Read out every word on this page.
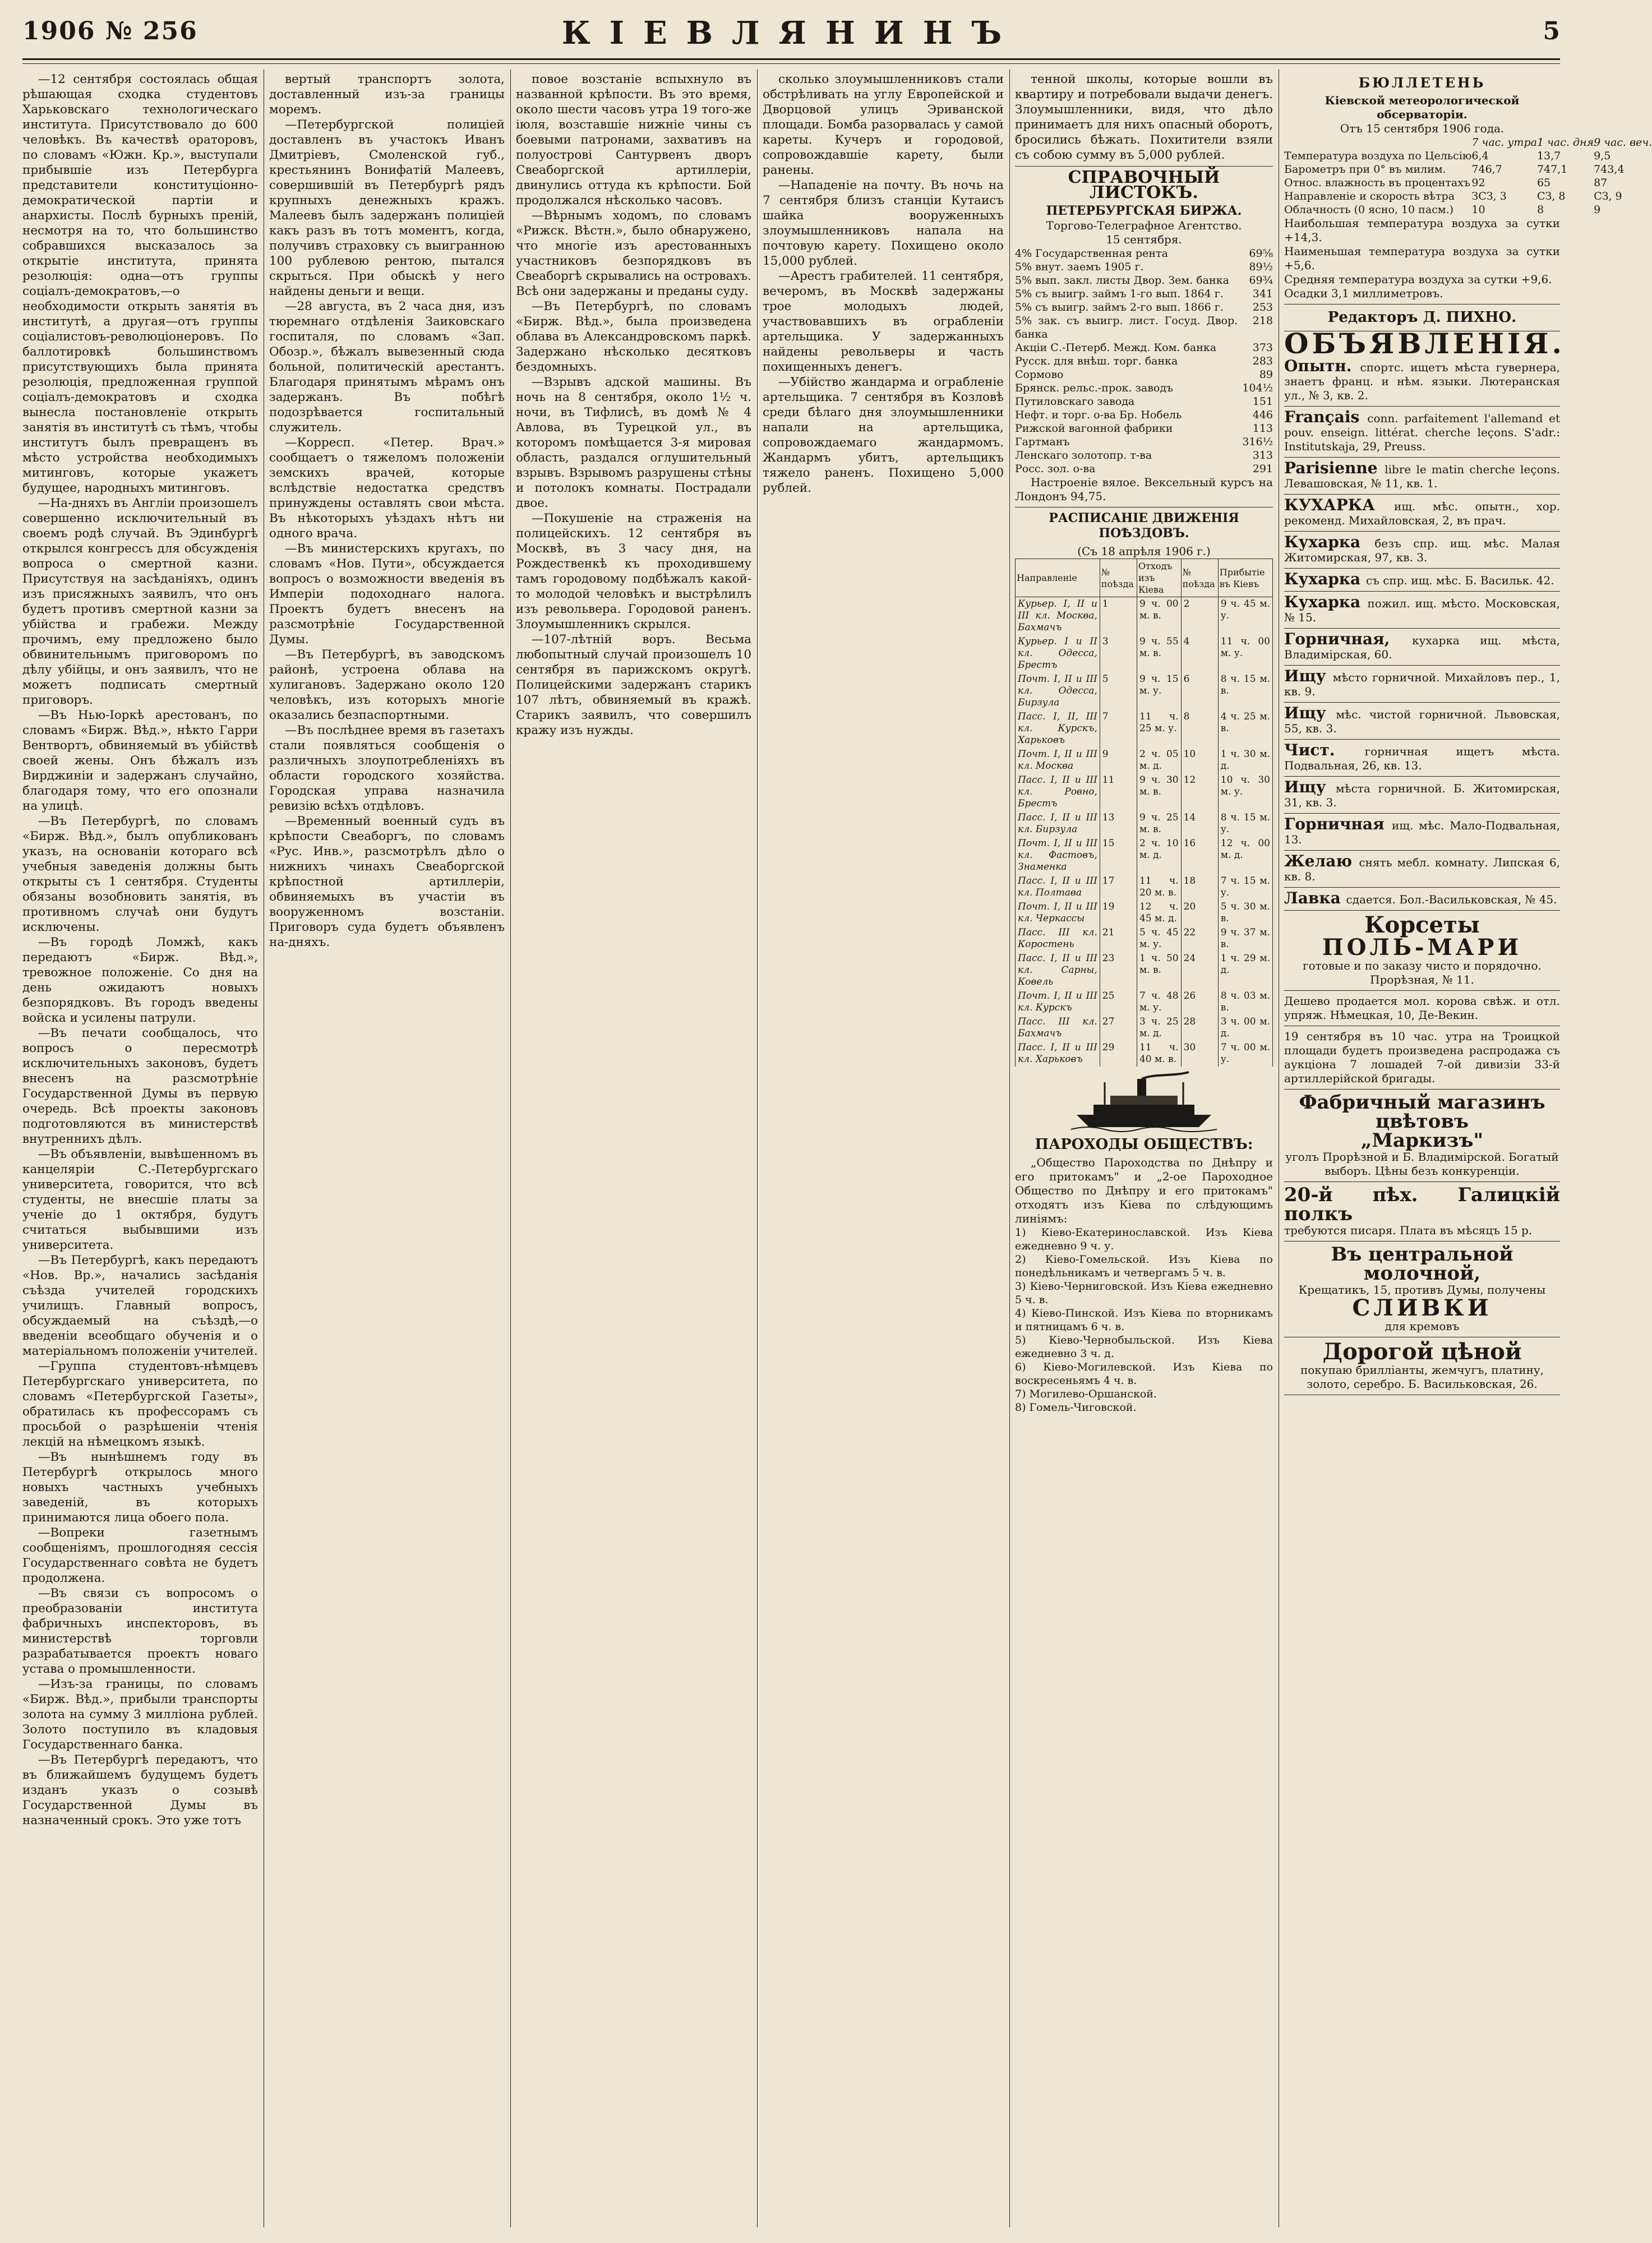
1906 № 256	КІЕВЛЯНИНЪ	5

—12 сентября состоялась общая рѣшающая сходка студентовъ Харьковскаго технологическаго института. Присутствовало до 600 человѣкъ. Въ качествѣ ораторовъ, по словамъ «Южн. Кр.», выступали прибывшіе изъ Петербурга представители конституціонно-демократической партіи и анархисты. Послѣ бурныхъ преній, несмотря на то, что большинство собравшихся высказалось за открытіе института, принята резолюція: одна—отъ группы соціалъ-демократовъ,—о необходимости открыть занятія въ институтѣ, а другая—отъ группы соціалистовъ-революціонеровъ. По баллотировкѣ большинствомъ присутствующихъ была принята резолюція, предложенная группой соціалъ-демократовъ и сходка вынесла постановленіе открыть занятія въ институтѣ съ тѣмъ, чтобы институтъ былъ превращенъ въ мѣсто устройства необходимыхъ митинговъ, которые укажетъ будущее, народныхъ митинговъ.

—На-дняхъ въ Англіи произошелъ совершенно исключительный въ своемъ родѣ случай. Въ Эдинбургѣ открылся конгрессъ для обсужденія вопроса о смертной казни. Присутствуя на засѣданіяхъ, одинъ изъ присяжныхъ заявилъ, что онъ будетъ противъ смертной казни за убійства и грабежи. Между прочимъ, ему предложено было обвинительнымъ приговоромъ по дѣлу убійцы, и онъ заявилъ, что не можетъ подписать смертный приговоръ.

—Въ Нью-Іоркѣ арестованъ, по словамъ «Бирж. Вѣд.», нѣкто Гарри Вентвортъ, обвиняемый въ убійствѣ своей жены. Онъ бѣжалъ изъ Вирджиніи и задержанъ случайно, благодаря тому, что его опознали на улицѣ.

—Въ Петербургѣ, по словамъ «Бирж. Вѣд.», былъ опубликованъ указъ, на основаніи котораго всѣ учебныя заведенія должны быть открыты съ 1 сентября. Студенты обязаны возобновить занятія, въ противномъ случаѣ они будутъ исключены.

—Въ городѣ Ломжѣ, какъ передаютъ «Бирж. Вѣд.», тревожное положеніе. Со дня на день ожидаютъ новыхъ безпорядковъ. Въ городъ введены войска и усилены патрули.

—Въ печати сообщалось, что вопросъ о пересмотрѣ исключительныхъ законовъ, будетъ внесенъ на разсмотрѣніе Государственной Думы въ первую очередь. Всѣ проекты законовъ подготовляются въ министерствѣ внутреннихъ дѣлъ.

—Въ объявленіи, вывѣшенномъ въ канцеляріи С.-Петербургскаго университета, говорится, что всѣ студенты, не внесшіе платы за ученіе до 1 октября, будутъ считаться выбывшими изъ университета.

—Въ Петербургѣ, какъ передаютъ «Нов. Вр.», начались засѣданія съѣзда учителей городскихъ училищъ. Главный вопросъ, обсуждаемый на съѣздѣ,—о введеніи всеобщаго обученія и о матеріальномъ положеніи учителей.

—Группа студентовъ-нѣмцевъ Петербургскаго университета, по словамъ «Петербургской Газеты», обратилась къ профессорамъ съ просьбой о разрѣшеніи чтенія лекцій на нѣмецкомъ языкѣ.

—Въ нынѣшнемъ году въ Петербургѣ открылось много новыхъ частныхъ учебныхъ заведеній, въ которыхъ принимаются лица обоего пола.

—Вопреки газетнымъ сообщеніямъ, прошлогодняя сессія Государственнаго совѣта не будетъ продолжена.

—Въ связи съ вопросомъ о преобразованіи института фабричныхъ инспекторовъ, въ министерствѣ торговли разрабатывается проектъ новаго устава о промышленности.

—Изъ-за границы, по словамъ «Бирж. Вѣд.», прибыли транспорты золота на сумму 3 милліона рублей. Золото поступило въ кладовыя Государственнаго банка.

—Въ Петербургѣ передаютъ, что въ ближайшемъ будущемъ будетъ изданъ указъ о созывѣ Государственной Думы въ назначенный срокъ. Это уже тотъ

вертый транспортъ золота, доставленный изъ-за границы моремъ.

—Петербургской полиціей доставленъ въ участокъ Иванъ Дмитріевъ, Смоленской губ., крестьянинъ Вонифатій Малеевъ, совершившій въ Петербургѣ рядъ крупныхъ денежныхъ кражъ. Малеевъ былъ задержанъ полиціей какъ разъ въ тотъ моментъ, когда, получивъ страховку съ выигранною 100 рублевою рентою, пытался скрыться. При обыскѣ у него найдены деньги и вещи.

—28 августа, въ 2 часа дня, изъ тюремнаго отдѣленія Заиковскаго госпиталя, по словамъ «Зап. Обозр.», бѣжалъ вывезенный сюда больной, политическій арестантъ. Благодаря принятымъ мѣрамъ онъ задержанъ. Въ побѣгѣ подозрѣвается госпитальный служитель.

—Корресп. «Петер. Врач.» сообщаетъ о тяжеломъ положеніи земскихъ врачей, которые вслѣдствіе недостатка средствъ принуждены оставлять свои мѣста. Въ нѣкоторыхъ уѣздахъ нѣтъ ни одного врача.

—Въ министерскихъ кругахъ, по словамъ «Нов. Пути», обсуждается вопросъ о возможности введенія въ Имперіи подоходнаго налога. Проектъ будетъ внесенъ на разсмотрѣніе Государственной Думы.

—Въ Петербургѣ, въ заводскомъ районѣ, устроена облава на хулигановъ. Задержано около 120 человѣкъ, изъ которыхъ многіе оказались безпаспортными.

—Въ послѣднее время въ газетахъ стали появляться сообщенія о различныхъ злоупотребленіяхъ въ области городского хозяйства. Городская управа назначила ревизію всѣхъ отдѣловъ.

—Временный военный судъ въ крѣпости Свеаборгъ, по словамъ «Рус. Инв.», разсмотрѣлъ дѣло о нижнихъ чинахъ Свеаборгской крѣпостной артиллеріи, обвиняемыхъ въ участіи въ вооруженномъ возстаніи. Приговоръ суда будетъ объявленъ на-дняхъ.

повое возстаніе вспыхнуло въ названной крѣпости. Въ это время, около шести часовъ утра 19 того-же іюля, возставшіе нижніе чины съ боевыми патронами, захвативъ на полуострові Сантурвенъ дворъ Свеаборгской артиллеріи, двинулись оттуда къ крѣпости. Бой продолжался нѣсколько часовъ.

—Вѣрнымъ ходомъ, по словамъ «Рижск. Вѣстн.», было обнаружено, что многіе изъ арестованныхъ участниковъ безпорядковъ въ Свеаборгѣ скрывались на островахъ. Всѣ они задержаны и преданы суду.

—Въ Петербургѣ, по словамъ «Бирж. Вѣд.», была произведена облава въ Александровскомъ паркѣ. Задержано нѣсколько десятковъ бездомныхъ.

—Взрывъ адской машины. Въ ночь на 8 сентября, около 1½ ч. ночи, въ Тифлисѣ, въ домѣ № 4 Авлова, въ Турецкой ул., въ которомъ помѣщается 3-я мировая область, раздался оглушительный взрывъ. Взрывомъ разрушены стѣны и потолокъ комнаты. Пострадали двое.

—Покушеніе на страженія на полицейскихъ. 12 сентября въ Москвѣ, въ 3 часу дня, на Рождественкѣ къ проходившему тамъ городовому подбѣжалъ какой-то молодой человѣкъ и выстрѣлилъ изъ револьвера. Городовой раненъ. Злоумышленникъ скрылся.

—107-лѣтній воръ. Весьма любопытный случай произошелъ 10 сентября въ парижскомъ округѣ. Полицейскими задержанъ старикъ 107 лѣтъ, обвиняемый въ кражѣ. Старикъ заявилъ, что совершилъ кражу изъ нужды.

сколько злоумышленниковъ стали обстрѣливать на углу Европейской и Дворцовой улицъ Эриванской площади. Бомба разорвалась у самой кареты. Кучеръ и городовой, сопровождавшіе карету, были ранены.

—Нападеніе на почту. Въ ночь на 7 сентября близъ станціи Кутаисъ шайка вооруженныхъ злоумышленниковъ напала на почтовую карету. Похищено около 15,000 рублей.

—Арестъ грабителей. 11 сентября, вечеромъ, въ Москвѣ задержаны трое молодыхъ людей, участвовавшихъ въ ограбленіи артельщика. У задержанныхъ найдены револьверы и часть похищенныхъ денегъ.

—Убійство жандарма и ограбленіе артельщика. 7 сентября въ Козловѣ среди бѣлаго дня злоумышленники напали на артельщика, сопровождаемаго жандармомъ. Жандармъ убитъ, артельщикъ тяжело раненъ. Похищено 5,000 рублей.

тенной школы, которые вошли въ квартиру и потребовали выдачи денегъ. Злоумышленники, видя, что дѣло принимаетъ для нихъ опасный оборотъ, бросились бѣжать. Похитители взяли съ собою сумму въ 5,000 рублей.

СПРАВОЧНЫЙ ЛИСТОКЪ.
ПЕТЕРБУРГСКАЯ БИРЖА.
Торгово-Телеграфное Агентство.
15 сентября.
4% Государственная рента	69⅝
5% внут. заемъ 1905 г.	89½
5% вып. закл. листы Двор. Зем. банка	69¾
5% съ выигр. займъ 1-го вып. 1864 г.	341
5% съ выигр. займъ 2-го вып. 1866 г.	253
5% зак. съ выигр. лист. Госуд. Двор. банка
218
Акціи С.-Петерб. Межд. Ком. банка	373
Русск. для внѣш. торг. банка	283
Сормово	89
Брянск. рельс.-прок. заводъ	104½
Путиловскаго завода	151
Нефт. и торг. о-ва Бр. Нобель	446
Рижской вагонной фабрики	113
Гартманъ	316½
Ленскаго золотопр. т-ва	313
Росс. зол. о-ва	291

Настроеніе вялое. Вексельный курсъ на Лондонъ 94,75.

РАСПИСАНІЕ ДВИЖЕНІЯ ПОѢЗДОВЪ.
(Съ 18 апрѣля 1906 г.)
Направленіе	№ поѣзда	Отходъ изъ Кіева	№ поѣзда	Прибытіе въ Кіевъ
Курьер. I, II и III кл. Москва, Бахмачъ	1	9 ч. 00 м. в.	2	9 ч. 45 м. у.
Курьер. I и II кл. Одесса, Брестъ	3	9 ч. 55 м. в.	4	11 ч. 00 м. у.
Почт. I, II и III кл. Одесса, Бирзула	5	9 ч. 15 м. у.	6	8 ч. 15 м. в.
Пасс. I, II, III кл. Курскъ, Харьковъ	7	11 ч. 25 м. у.	8	4 ч. 25 м. в.
Почт. I, II и III кл. Москва	9	2 ч. 05 м. д.	10	1 ч. 30 м. д.
Пасс. I, II и III кл. Ровно, Брестъ	11	9 ч. 30 м. в.	12	10 ч. 30 м. у.
Пасс. I, II и III кл. Бирзула	13	9 ч. 25 м. в.	14	8 ч. 15 м. у.
Почт. I, II и III кл. Фастовъ, Знаменка	15	2 ч. 10 м. д.	16	12 ч. 00 м. д.
Пасс. I, II и III кл. Полтава	17	11 ч. 20 м. в.	18	7 ч. 15 м. у.
Почт. I, II и III кл. Черкассы	19	12 ч. 45 м. д.	20	5 ч. 30 м. в.
Пасс. III кл. Коростень	21	5 ч. 45 м. у.	22	9 ч. 37 м. в.
Пасс. I, II и III кл. Сарны, Ковель	23	1 ч. 50 м. в.	24	1 ч. 29 м. д.
Почт. I, II и III кл. Курскъ	25	7 ч. 48 м. у.	26	8 ч. 03 м. в.
Пасс. III кл. Бахмачъ	27	3 ч. 25 м. д.	28	3 ч. 00 м. д.
Пасс. I, II и III кл. Харьковъ	29	11 ч. 40 м. в.	30	7 ч. 00 м. у.
ПАРОХОДЫ ОБЩЕСТВЪ:

„Общество Пароходства по Днѣпру и его притокамъ" и „2-ое Пароходное Общество по Днѣпру и его притокамъ" отходятъ изъ Кіева по слѣдующимъ линіямъ:

1) Кіево-Екатеринославской. Изъ Кіева ежедневно 9 ч. у.
2) Кіево-Гомельской. Изъ Кіева по понедѣльникамъ и четвергамъ 5 ч. в.
3) Кіево-Черниговской. Изъ Кіева ежедневно 5 ч. в.
4) Кіево-Пинской. Изъ Кіева по вторникамъ и пятницамъ 6 ч. в.
5) Кіево-Чернобыльской. Изъ Кіева ежедневно 3 ч. д.
6) Кіево-Могилевской. Изъ Кіева по воскресеньямъ 4 ч. в.
7) Могилево-Оршанской.
8) Гомель-Чиговской.
БЮЛЛЕТЕНЬ
Кіевской метеорологической обсерваторіи.
Отъ 15 сентября 1906 года.
7 час. утра 1 час. дня 9 час. веч.
Температура воздуха по Цельсію 6,4	13,7	9,5
Барометръ при 0° въ милим.	746,7	747,1	743,4
Относ. влажность въ процентахъ 92	65	87
Направленіе и скорость вѣтра	ЗСЗ, 3	СЗ, 8	СЗ, 9
Облачность (0 ясно, 10 пасм.)	10	8	9
Наибольшая температура воздуха за сутки +14,3.
Наименьшая температура воздуха за сутки +5,6.
Средняя температура воздуха за сутки +9,6.
Осадки 3,1 миллиметровъ.
Редакторъ Д. ПИХНО.
ОБЪЯВЛЕНІЯ.
Опытн. спортс. ищетъ мѣста гувернера, знаетъ франц. и нѣм. языки. Лютеранская ул., № 3, кв. 2.
Français conn. parfaitement l'allemand et pouv. enseign. littérat. cherche leçons. S'adr.: Institutskaja, 29, Preuss.
Parisienne libre le matin cherche leçons. Левашовская, № 11, кв. 1.
КУХАРКА ищ. мѣс. опытн., хор. рекоменд. Михайловская, 2, въ прач.
Кухарка безъ спр. ищ. мѣс. Малая Житомирская, 97, кв. 3.
Кухарка съ спр. ищ. мѣс. Б. Васильк. 42.
Кухарка пожил. ищ. мѣсто. Московская, № 15.
Горничная, кухарка ищ. мѣста, Владимірская, 60.
Ищу мѣсто горничной. Михайловъ пер., 1, кв. 9.
Ищу мѣс. чистой горничной. Львовская, 55, кв. 3.
Чист. горничная ищетъ мѣста. Подвальная, 26, кв. 13.
Ищу мѣста горничной. Б. Житомирская, 31, кв. 3.
Горничная ищ. мѣс. Мало-Подвальная, 13.
Желаю снять мебл. комнату. Липская 6, кв. 8.
Лавка сдается. Бол.-Васильковская, № 45.
Корсеты
ПОЛЬ-МАРИ
готовые и по заказу чисто и порядочно. Прорѣзная, № 11.
Дешево продается мол. корова свѣж. и отл. упряж. Нѣмецкая, 10, Де-Векин.
19 сентября въ 10 час. утра на Троицкой площади будетъ произведена распродажа съ аукціона 7 лошадей 7-ой дивизіи 33-й артиллерійской бригады.
Фабричный магазинъ цвѣтовъ
„Маркизъ"
уголъ Прорѣзной и Б. Владимірской. Богатый выборъ. Цѣны безъ конкуренціи.
20-й пѣх. Галицкій полкъ
требуются писаря. Плата въ мѣсяцъ 15 р.
Въ центральной молочной,
Крещатикъ, 15, противъ Думы, получены
СЛИВКИ
для кремовъ
Дорогой цѣной
покупаю брилліанты, жемчугъ, платину, золото, серебро. Б. Васильковская, 26.
